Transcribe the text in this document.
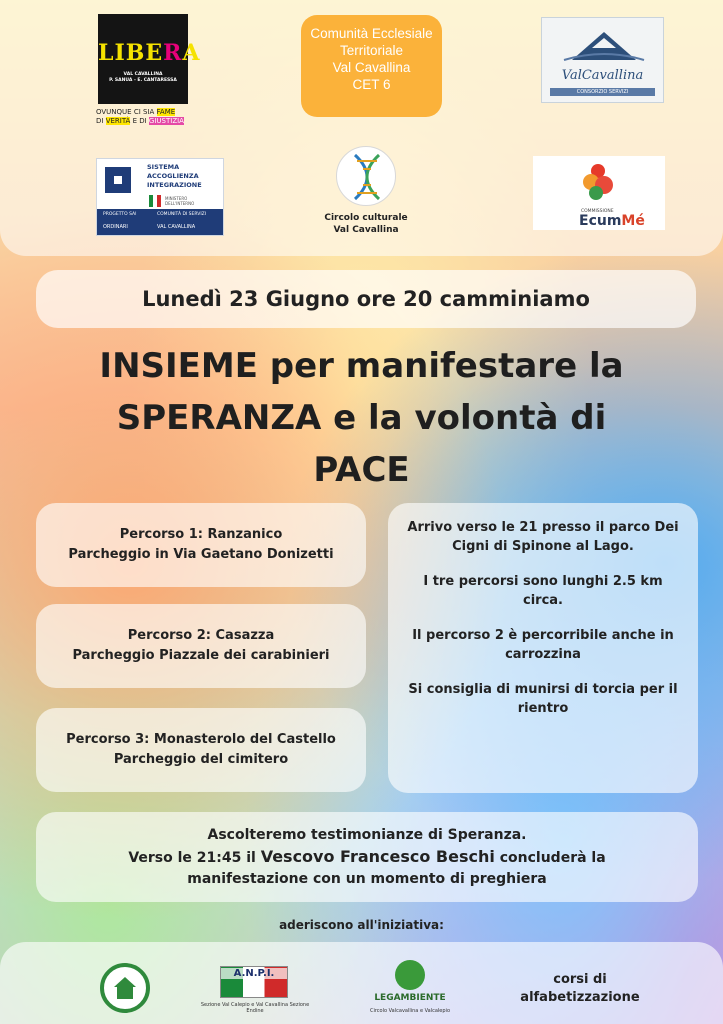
LIBERA
VAL CAVALLINA
P. SANUA - E. CANTARESSA
OVUNQUE CI SIA FAME
DI VERITÀ E DI GIUSTIZIA
Comunità Ecclesiale
Territoriale
Val Cavallina
CET 6
ValCavallina
CONSORZIO SERVIZI
SISTEMA
ACCOGLIENZA
INTEGRAZIONE
MINISTERO DELL'INTERNO
PROGETTO SAI	COMUNITÀ DI SERVIZI
ORDINARI	VAL CAVALLINA
Circolo culturale
Val Cavallina
COMMISSIONE
EcumMé
Lunedì 23 Giugno ore 20 camminiamo
INSIEME per manifestare la
SPERANZA e la volontà di
PACE
Percorso 1: Ranzanico
Parcheggio in Via Gaetano Donizetti
Percorso 2: Casazza
Parcheggio Piazzale dei carabinieri
Percorso 3: Monasterolo del Castello
Parcheggio del cimitero

Arrivo verso le 21 presso il parco Dei Cigni di Spinone al Lago.

I tre percorsi sono lunghi 2.5 km circa.

Il percorso 2 è percorribile anche in carrozzina

Si consiglia di munirsi di torcia per il rientro

Ascolteremo testimonianze di Speranza.
Verso le 21:45 il Vescovo Francesco Beschi concluderà la
manifestazione con un momento di preghiera
aderiscono all'iniziativa:
A.N.P.I.
Sezione Val Calepio e Val Cavallina Sezione Endine
LEGAMBIENTE
Circolo Valcavallina e Valcalepio
corsi di alfabetizzazione
